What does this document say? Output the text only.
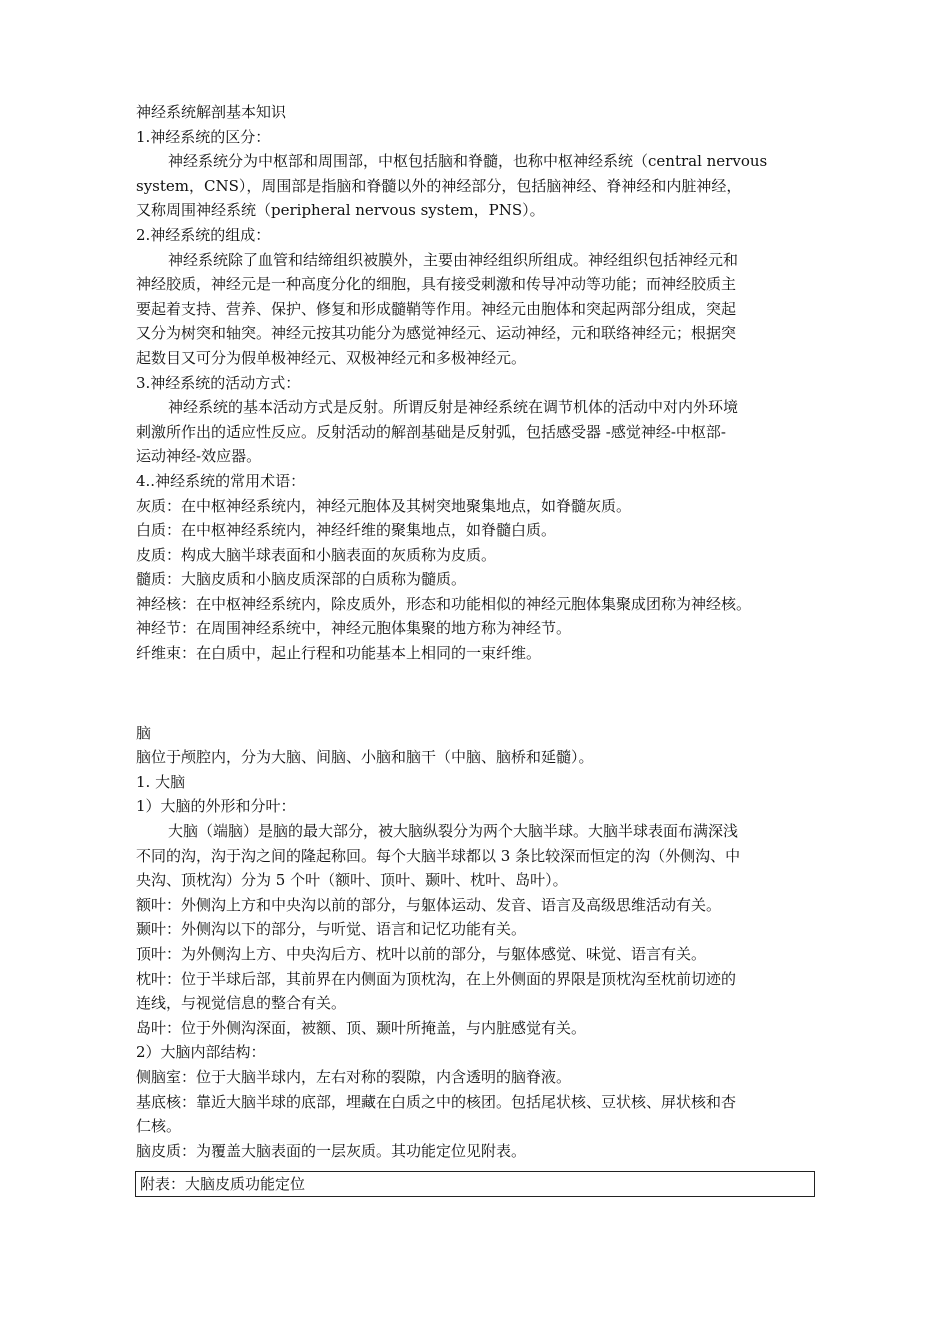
神经系统解剖基本知识
1.神经系统的区分：
神经系统分为中枢部和周围部，中枢包括脑和脊髓，也称中枢神经系统（central nervous
system，CNS），周围部是指脑和脊髓以外的神经部分，包括脑神经、脊神经和内脏神经，
又称周围神经系统（peripheral nervous system，PNS）。
2.神经系统的组成：
神经系统除了血管和结缔组织被膜外，主要由神经组织所组成。神经组织包括神经元和
神经胶质，神经元是一种高度分化的细胞，具有接受刺激和传导冲动等功能；而神经胶质主
要起着支持、营养、保护、修复和形成髓鞘等作用。神经元由胞体和突起两部分组成，突起
又分为树突和轴突。神经元按其功能分为感觉神经元、运动神经，元和联络神经元；根据突
起数目又可分为假单极神经元、双极神经元和多极神经元。
3.神经系统的活动方式：
神经系统的基本活动方式是反射。所谓反射是神经系统在调节机体的活动中对内外环境
刺激所作出的适应性反应。反射活动的解剖基础是反射弧，包括感受器 -感觉神经-中枢部-
运动神经-效应器。
4..神经系统的常用术语：
灰质：在中枢神经系统内，神经元胞体及其树突地聚集地点，如脊髓灰质。
白质：在中枢神经系统内，神经纤维的聚集地点，如脊髓白质。
皮质：构成大脑半球表面和小脑表面的灰质称为皮质。
髓质：大脑皮质和小脑皮质深部的白质称为髓质。
神经核：在中枢神经系统内，除皮质外，形态和功能相似的神经元胞体集聚成团称为神经核。
神经节：在周围神经系统中，神经元胞体集聚的地方称为神经节。
纤维束：在白质中，起止行程和功能基本上相同的一束纤维。
脑
脑位于颅腔内，分为大脑、间脑、小脑和脑干（中脑、脑桥和延髓）。
1. 大脑
1）大脑的外形和分叶：
大脑（端脑）是脑的最大部分，被大脑纵裂分为两个大脑半球。大脑半球表面布满深浅
不同的沟，沟于沟之间的隆起称回。每个大脑半球都以 3 条比较深而恒定的沟（外侧沟、中
央沟、顶枕沟）分为 5 个叶（额叶、顶叶、颞叶、枕叶、岛叶）。
额叶：外侧沟上方和中央沟以前的部分，与躯体运动、发音、语言及高级思维活动有关。
颞叶：外侧沟以下的部分，与听觉、语言和记忆功能有关。
顶叶：为外侧沟上方、中央沟后方、枕叶以前的部分，与躯体感觉、味觉、语言有关。
枕叶：位于半球后部，其前界在内侧面为顶枕沟，在上外侧面的界限是顶枕沟至枕前切迹的
连线，与视觉信息的整合有关。
岛叶：位于外侧沟深面，被额、顶、颞叶所掩盖，与内脏感觉有关。
2）大脑内部结构：
侧脑室：位于大脑半球内，左右对称的裂隙，内含透明的脑脊液。
基底核：靠近大脑半球的底部，埋藏在白质之中的核团。包括尾状核、豆状核、屏状核和杏
仁核。
脑皮质：为覆盖大脑表面的一层灰质。其功能定位见附表。
附表：大脑皮质功能定位
